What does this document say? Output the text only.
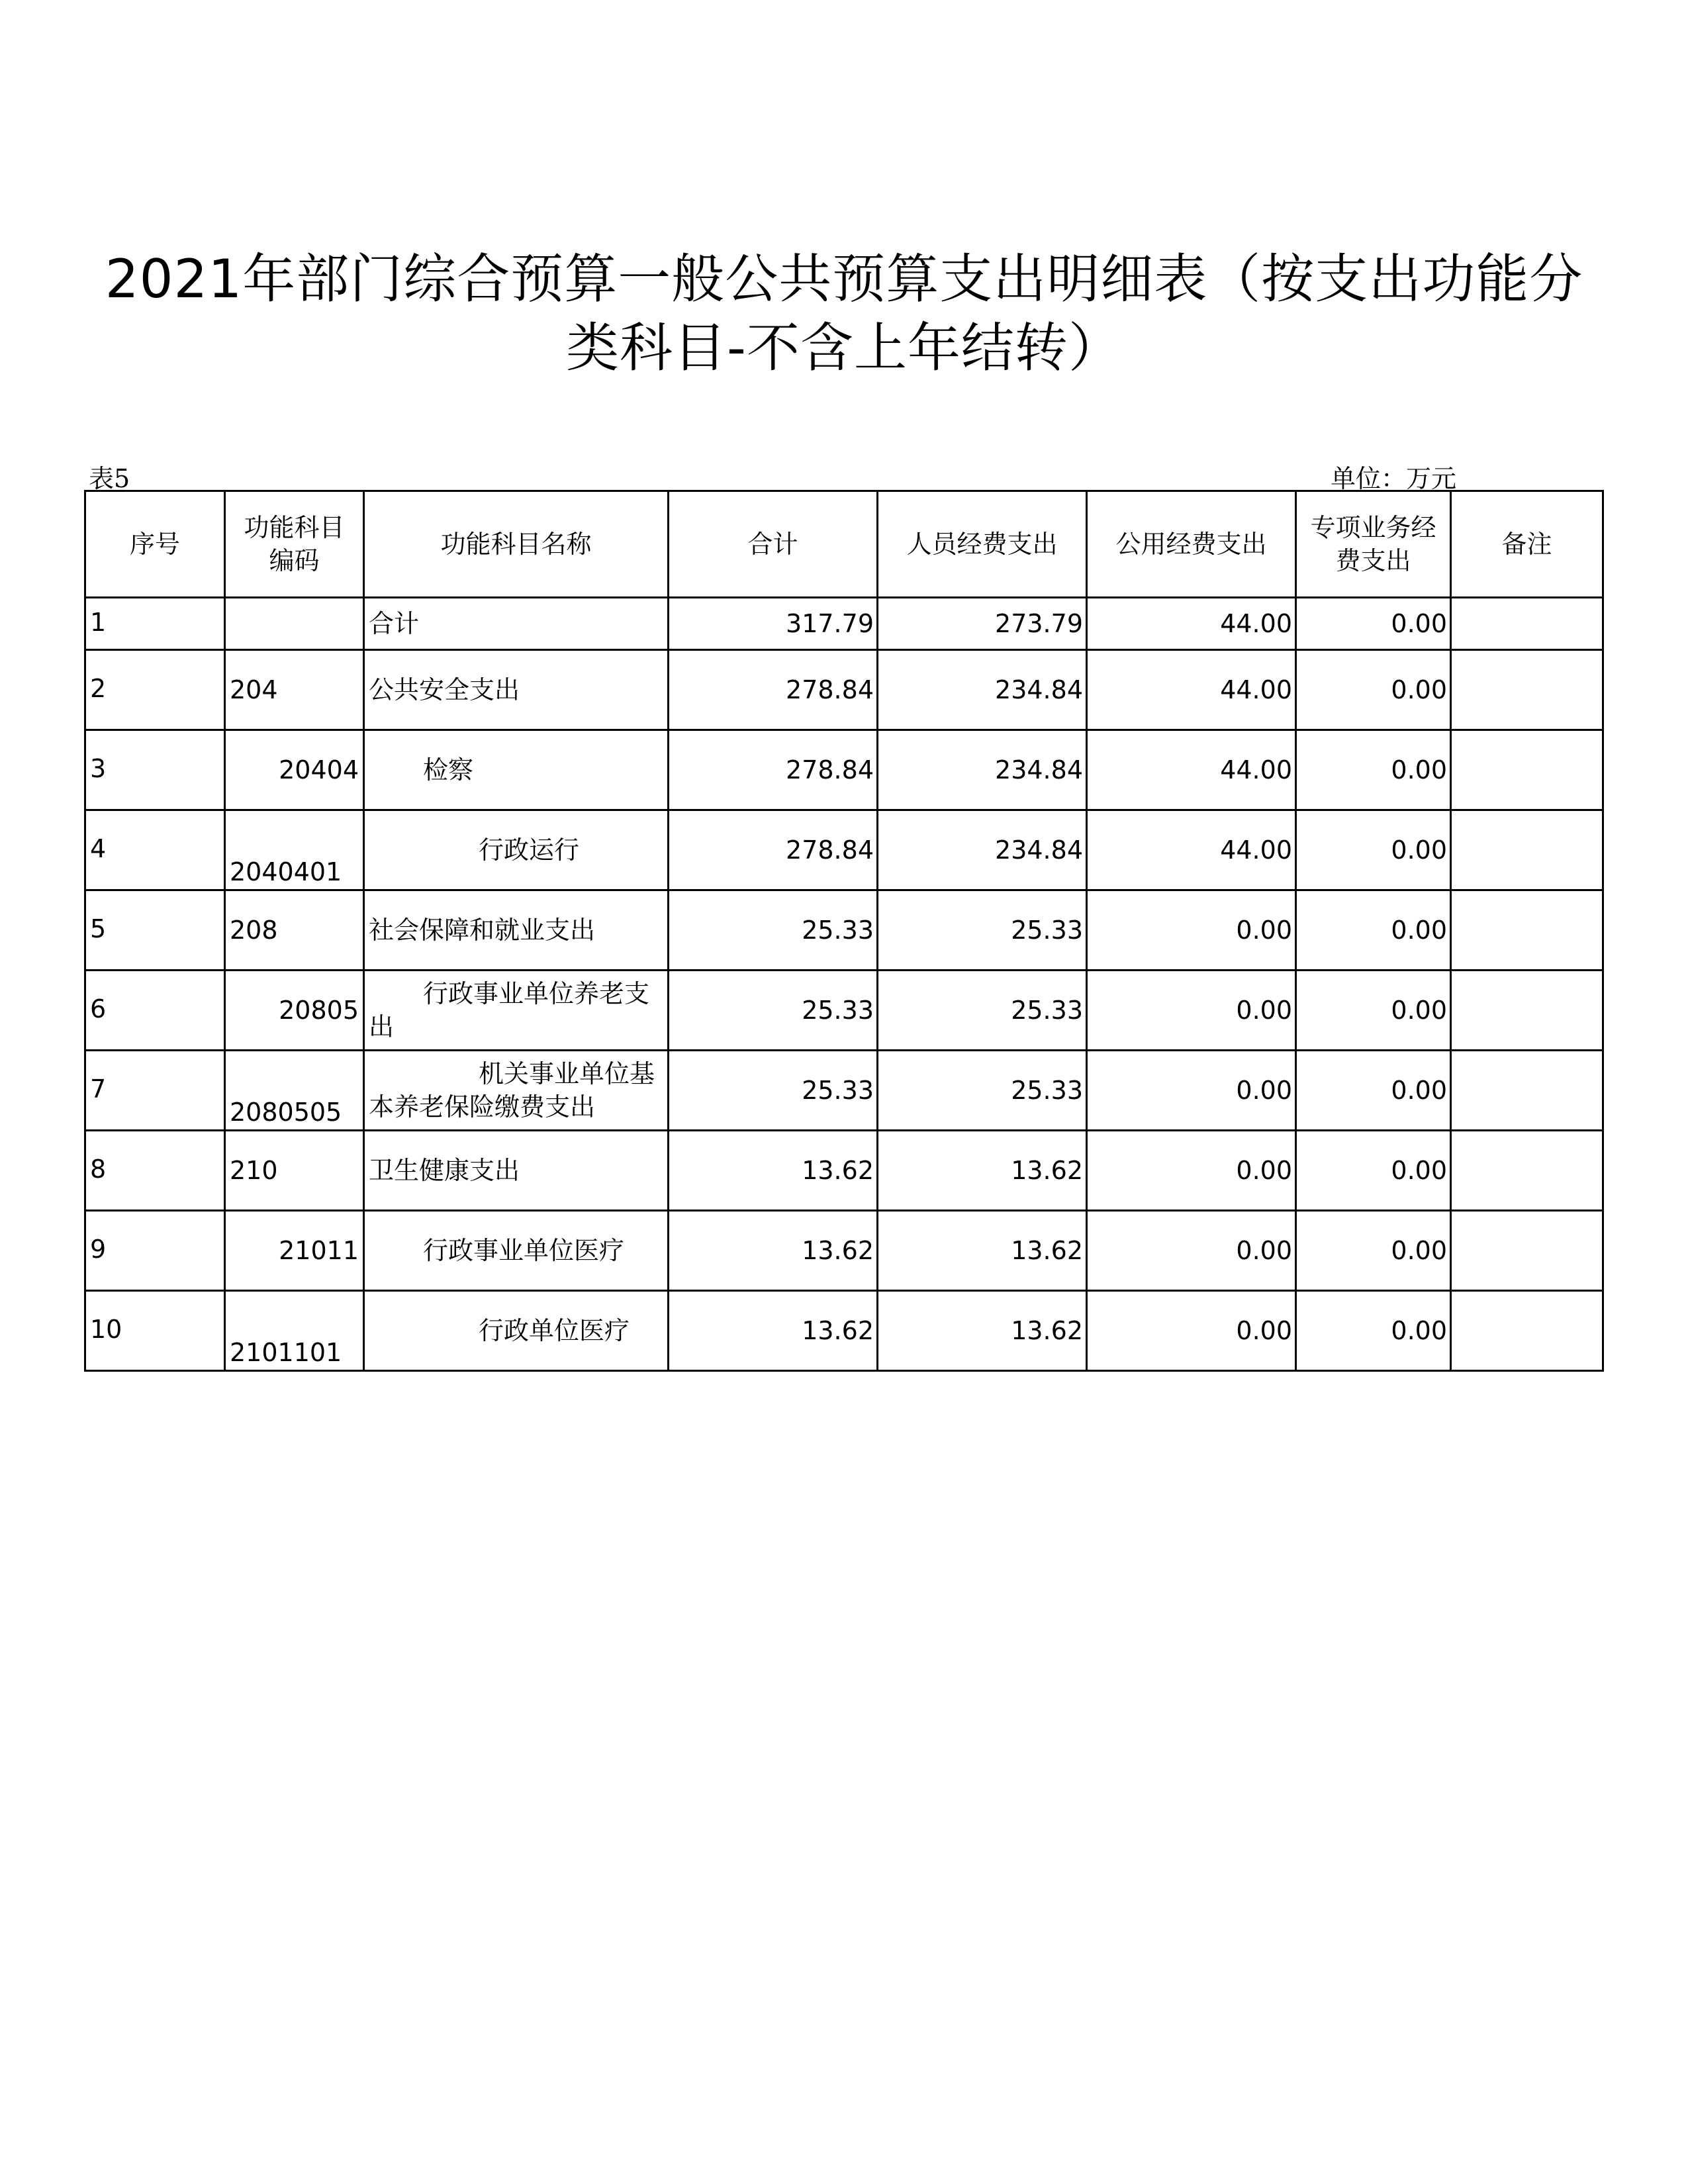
2021年部门综合预算一般公共预算支出明细表（按支出功能分类科目-不含上年结转）
表5	单位：万元
序号	功能科目编码	功能科目名称	合计	人员经费支出	公用经费支出	专项业务经费支出	备注
1		合计	317.79	273.79	44.00	0.00	
2	204	公共安全支出	278.84	234.84	44.00	0.00	
3	20404	检察	278.84	234.84	44.00	0.00	
4	2040401	行政运行	278.84	234.84	44.00	0.00	
5	208	社会保障和就业支出	25.33	25.33	0.00	0.00	
6	20805	行政事业单位养老支出	25.33	25.33	0.00	0.00	
7	2080505	机关事业单位基本养老保险缴费支出	25.33	25.33	0.00	0.00	
8	210	卫生健康支出	13.62	13.62	0.00	0.00	
9	21011	行政事业单位医疗	13.62	13.62	0.00	0.00	
10	2101101	行政单位医疗	13.62	13.62	0.00	0.00	
